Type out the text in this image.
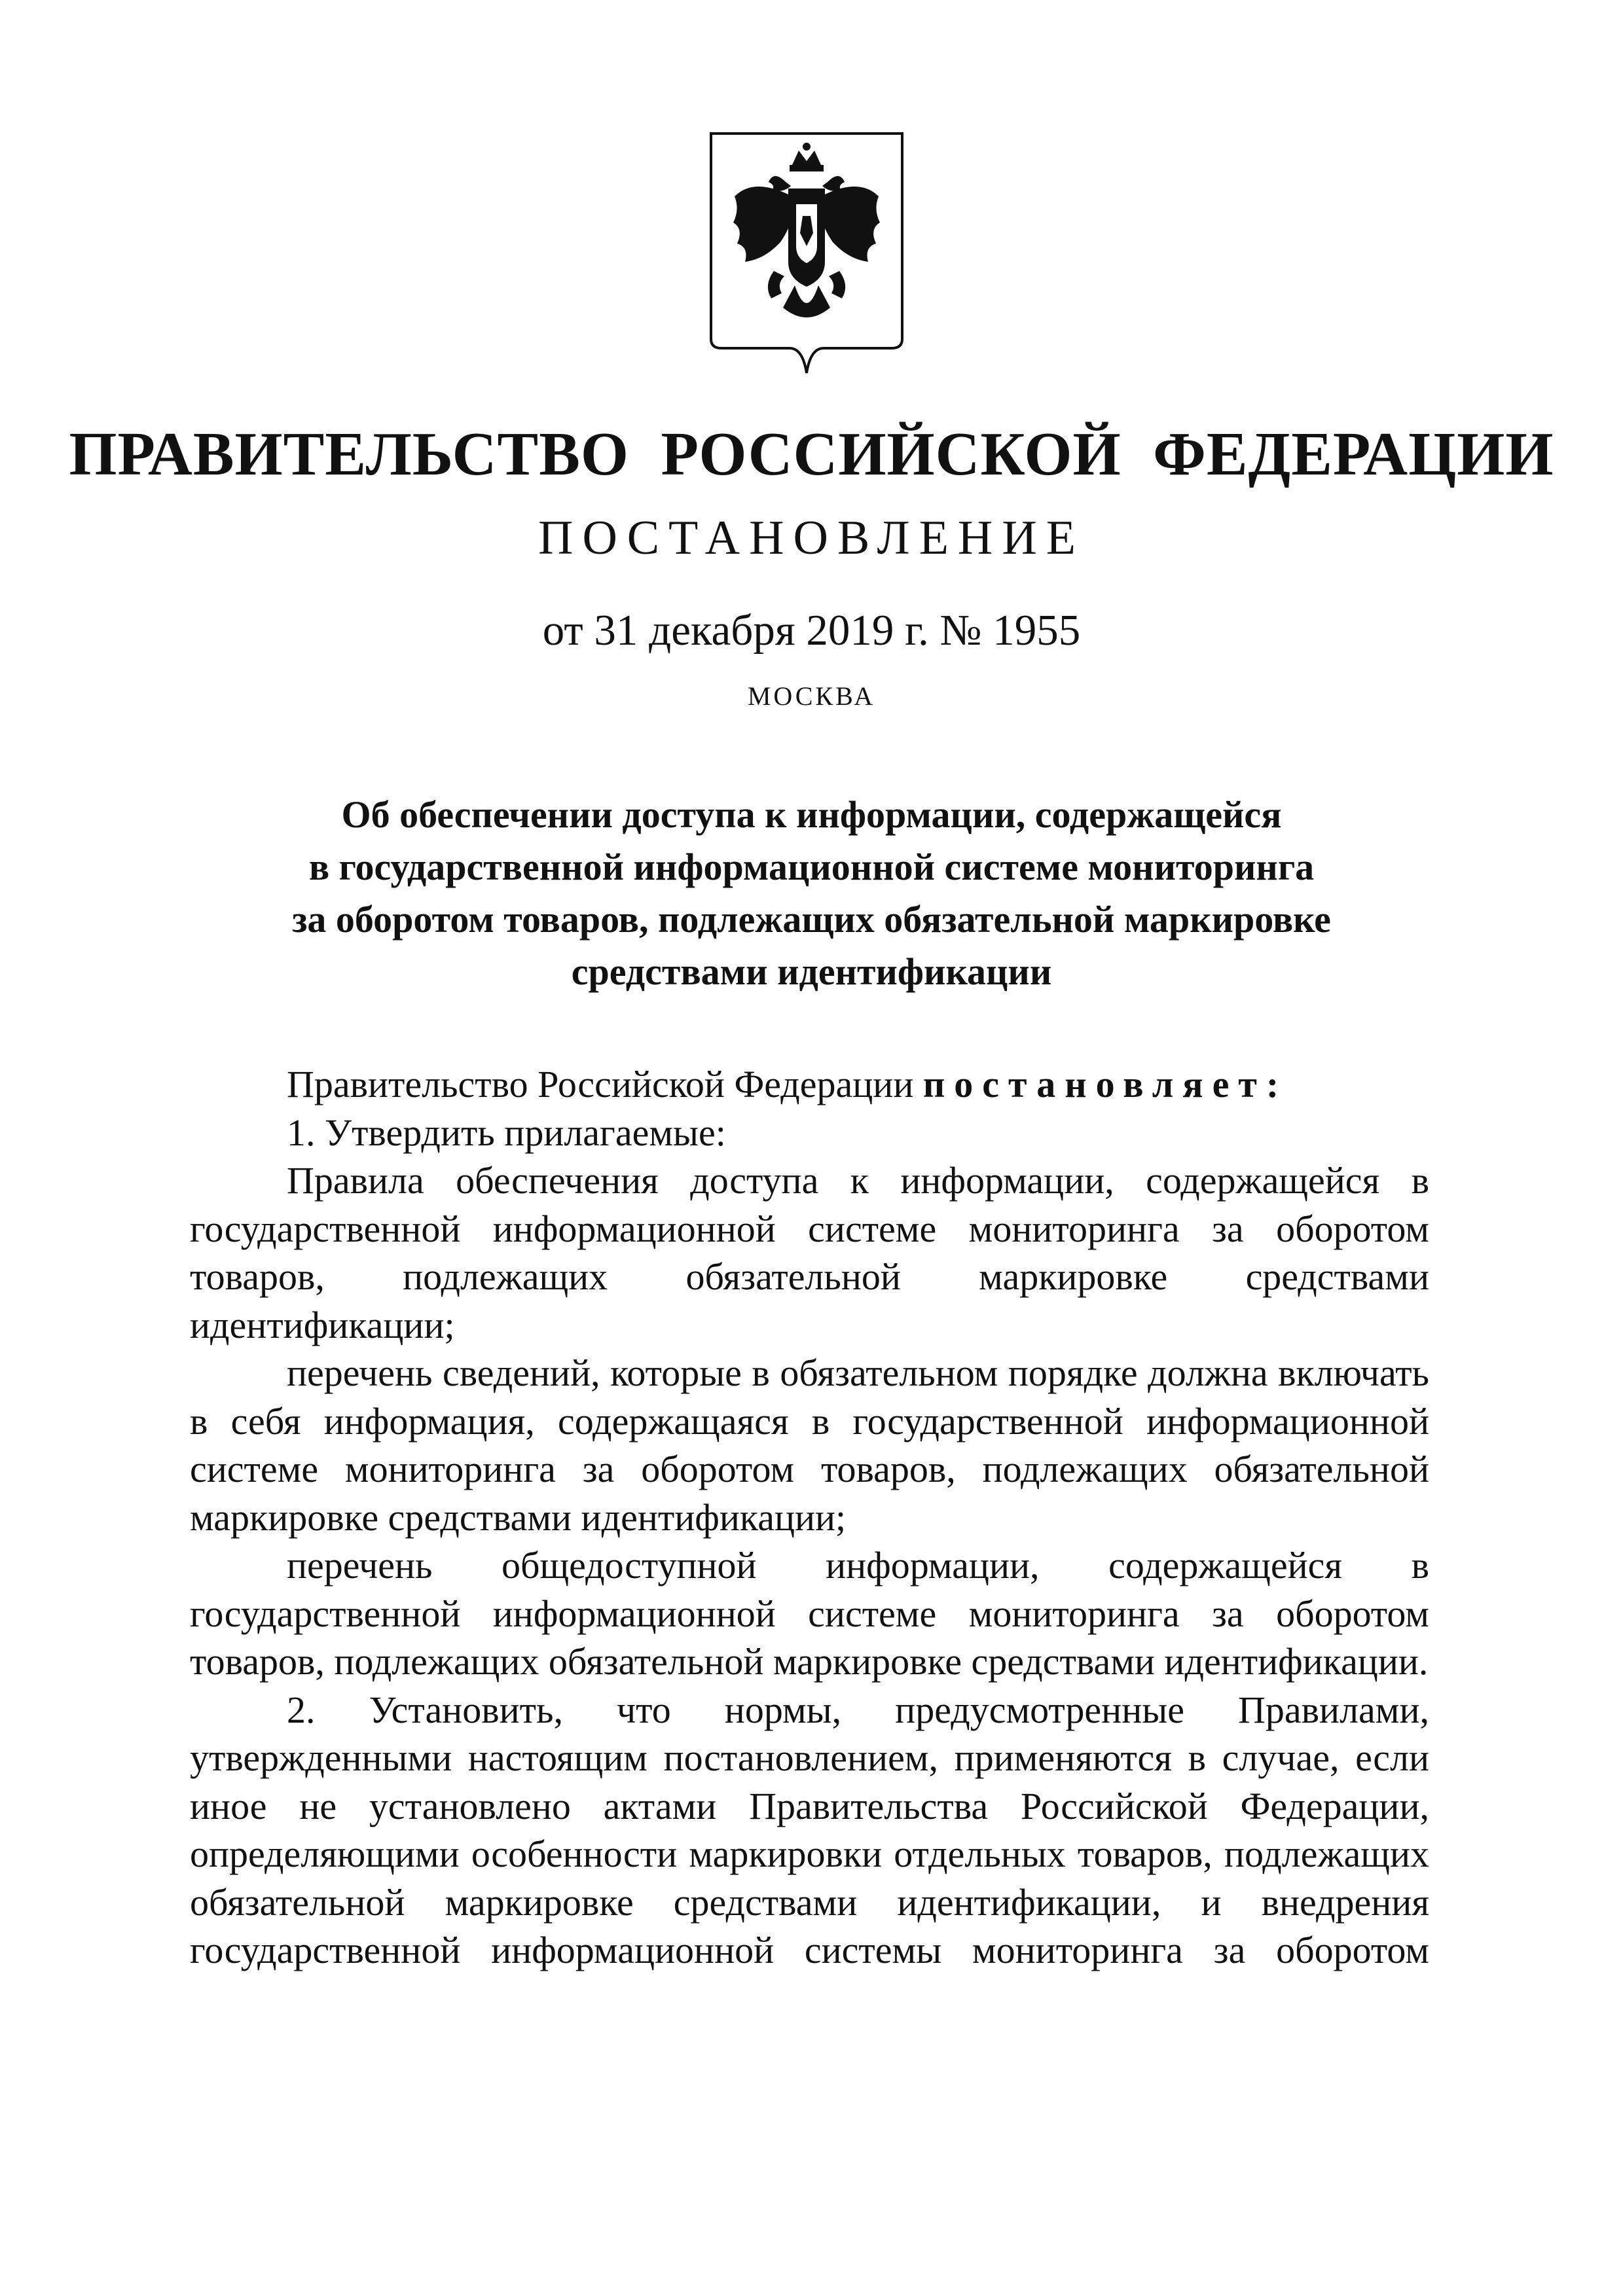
ПРАВИТЕЛЬСТВО РОССИЙСКОЙ ФЕДЕРАЦИИ
ПОСТАНОВЛЕНИЕ
от 31 декабря 2019 г. № 1955
МОСКВА
Об обеспечении доступа к информации, содержащейся
в государственной информационной системе мониторинга
за оборотом товаров, подлежащих обязательной маркировке
средствами идентификации

Правительство Российской Федерации постановляет:

1. Утвердить прилагаемые:

Правила обеспечения доступа к информации, содержащейся в государственной информационной системе мониторинга за оборотом товаров, подлежащих обязательной маркировке средствами идентификации;

перечень сведений, которые в обязательном порядке должна включать в себя информация, содержащаяся в государственной информационной системе мониторинга за оборотом товаров, подлежащих обязательной маркировке средствами идентификации;

перечень общедоступной информации, содержащейся в государственной информационной системе мониторинга за оборотом товаров, подлежащих обязательной маркировке средствами идентификации.

2. Установить, что нормы, предусмотренные Правилами, утвержденными настоящим постановлением, применяются в случае, если иное не установлено актами Правительства Российской Федерации, определяющими особенности маркировки отдельных товаров, подлежащих обязательной маркировке средствами идентификации, и внедрения государственной информационной системы мониторинга за оборотом
